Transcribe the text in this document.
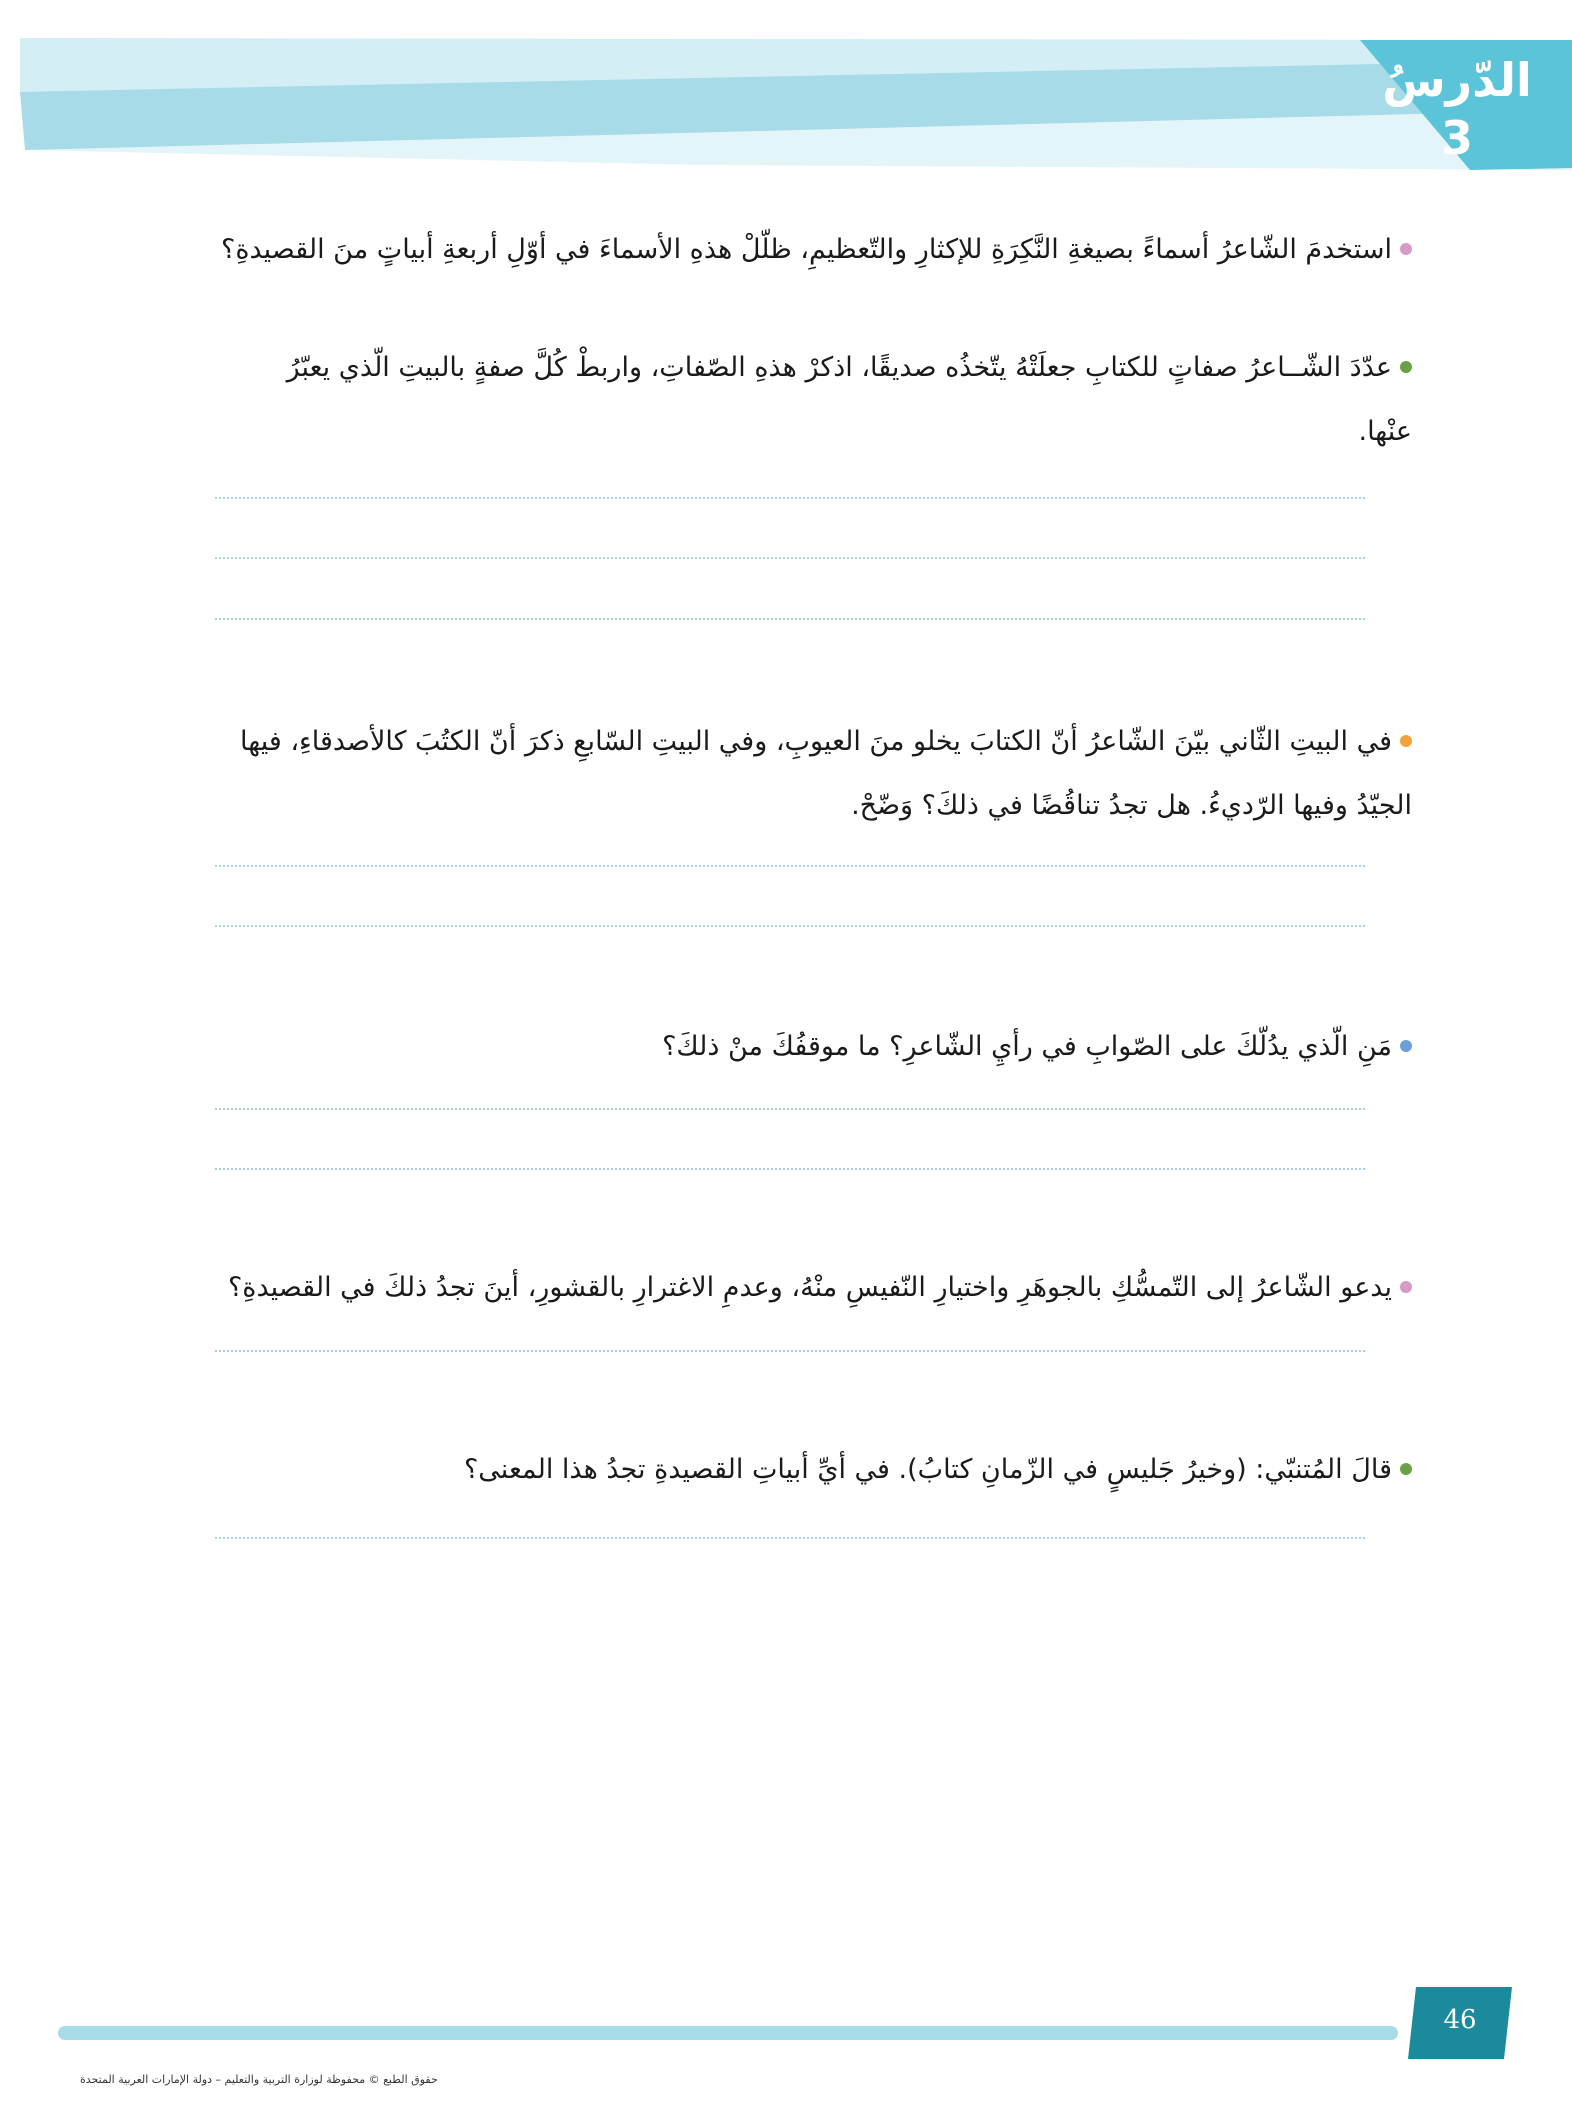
الدّرسُ
3
استخدمَ الشّاعرُ أسماءً بصيغةِ النَّكِرَةِ للإكثارِ والتّعظيمِ، ظلّلْ هذهِ الأسماءَ في أوّلِ أربعةِ أبياتٍ منَ القصيدةِ؟
عدّدَ الشّــاعرُ صفاتٍ للكتابِ جعلَتْهُ يتّخذُه صديقًا، اذكرْ هذهِ الصّفاتِ، واربطْ كُلَّ صفةٍ بالبيتِ الّذي يعبّرُ
عنْها.
في البيتِ الثّاني بيّنَ الشّاعرُ أنّ الكتابَ يخلو منَ العيوبِ، وفي البيتِ السّابعِ ذكرَ أنّ الكتُبَ كالأصدقاءِ، فيها
الجيّدُ وفيها الرّديءُ. هل تجدُ تناقُضًا في ذلكَ؟ وَضّحْ.
مَنِ الّذي يدُلّكَ على الصّوابِ في رأيِ الشّاعرِ؟ ما موقفُكَ منْ ذلكَ؟
يدعو الشّاعرُ إلى التّمسُّكِ بالجوهَرِ واختيارِ النّفيسِ منْهُ، وعدمِ الاغترارِ بالقشورِ، أينَ تجدُ ذلكَ في القصيدةِ؟
قالَ المُتنبّي: (وخيرُ جَليسٍ في الزّمانِ كتابُ). في أيِّ أبياتِ القصيدةِ تجدُ هذا المعنى؟
46
حقوق الطبع © محفوظة لوزارة التربية والتعليم – دولة الإمارات العربية المتحدة
